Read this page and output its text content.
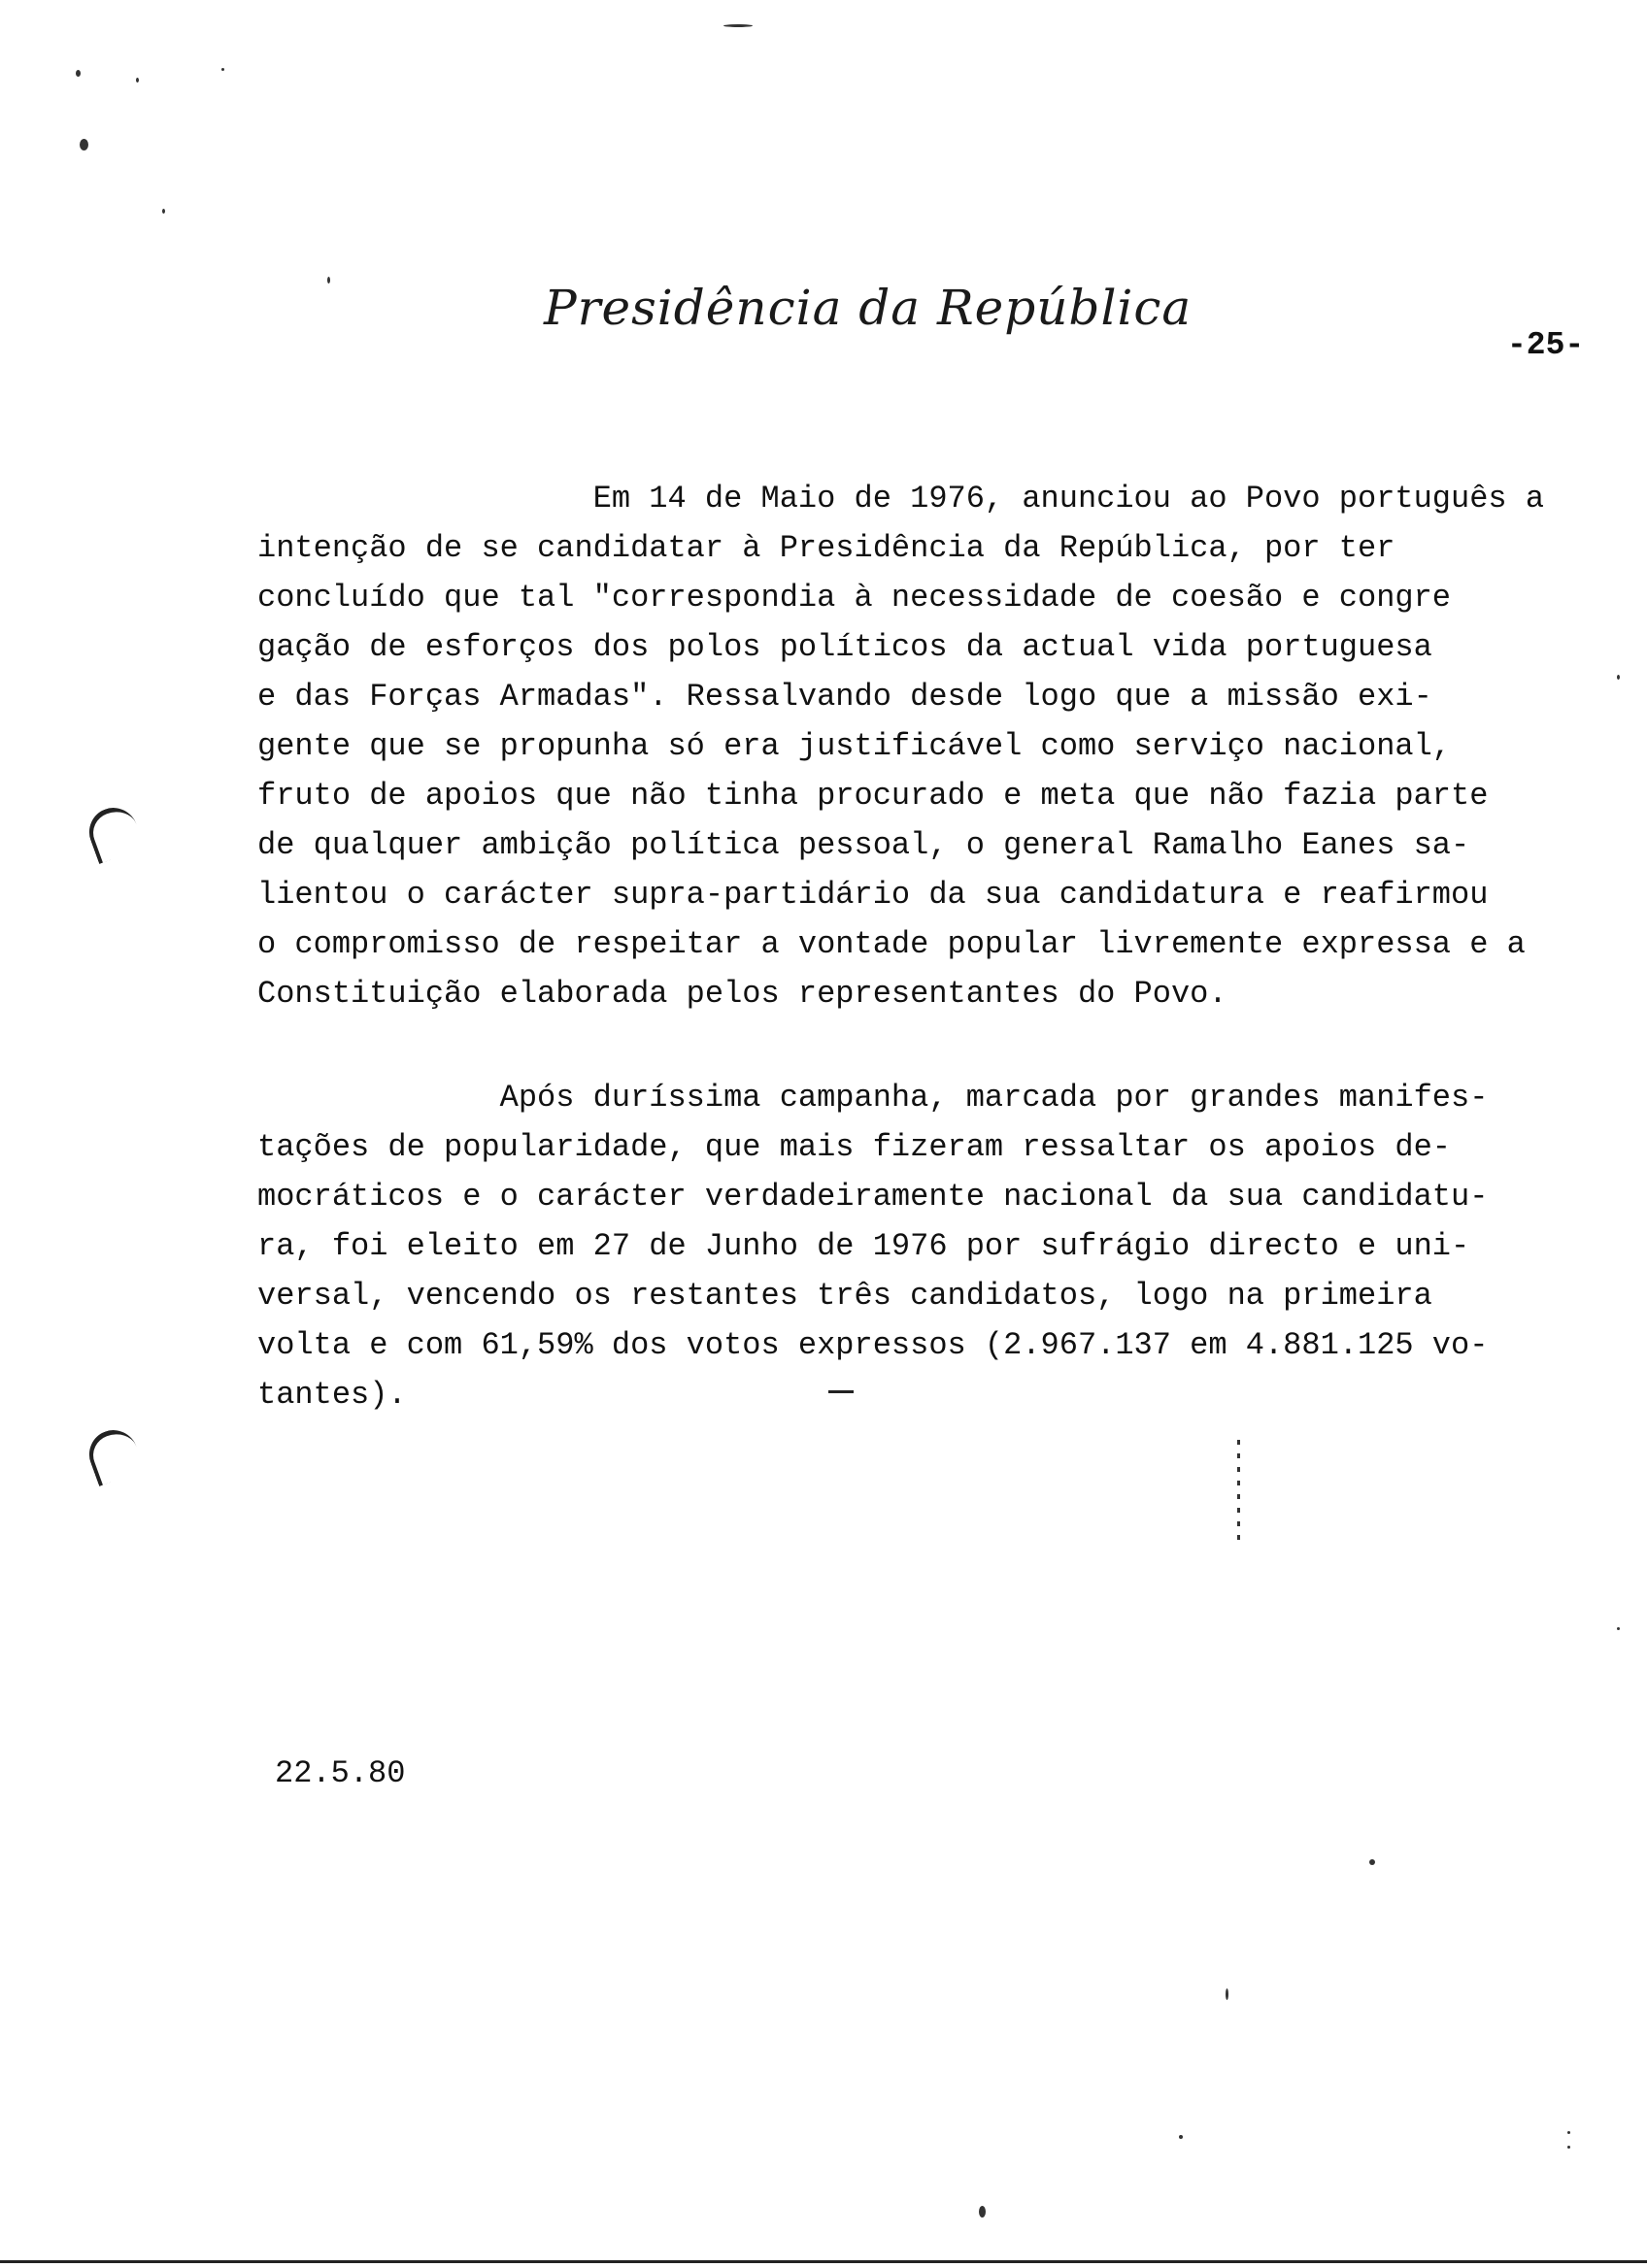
Presidência da República
-25-
Em 14 de Maio de 1976, anunciou ao Povo português a
intenção de se candidatar à Presidência da República, por ter
concluído que tal "correspondia à necessidade de coesão e congre
gação de esforços dos polos políticos da actual vida portuguesa
e das Forças Armadas". Ressalvando desde logo que a missão exi-
gente que se propunha só era justificável como serviço nacional,
fruto de apoios que não tinha procurado e meta que não fazia parte
de qualquer ambição política pessoal, o general Ramalho Eanes sa-
lientou o carácter supra-partidário da sua candidatura e reafirmou
o compromisso de respeitar a vontade popular livremente expressa e a
Constituição elaborada pelos representantes do Povo.
Após duríssima campanha, marcada por grandes manifes-
tações de popularidade, que mais fizeram ressaltar os apoios de-
mocráticos e o carácter verdadeiramente nacional da sua candidatu-
ra, foi eleito em 27 de Junho de 1976 por sufrágio directo e uni-
versal, vencendo os restantes três candidatos, logo na primeira
volta e com 61,59% dos votos expressos (2.967.137 em 4.881.125 vo-
tantes).
22.5.80
